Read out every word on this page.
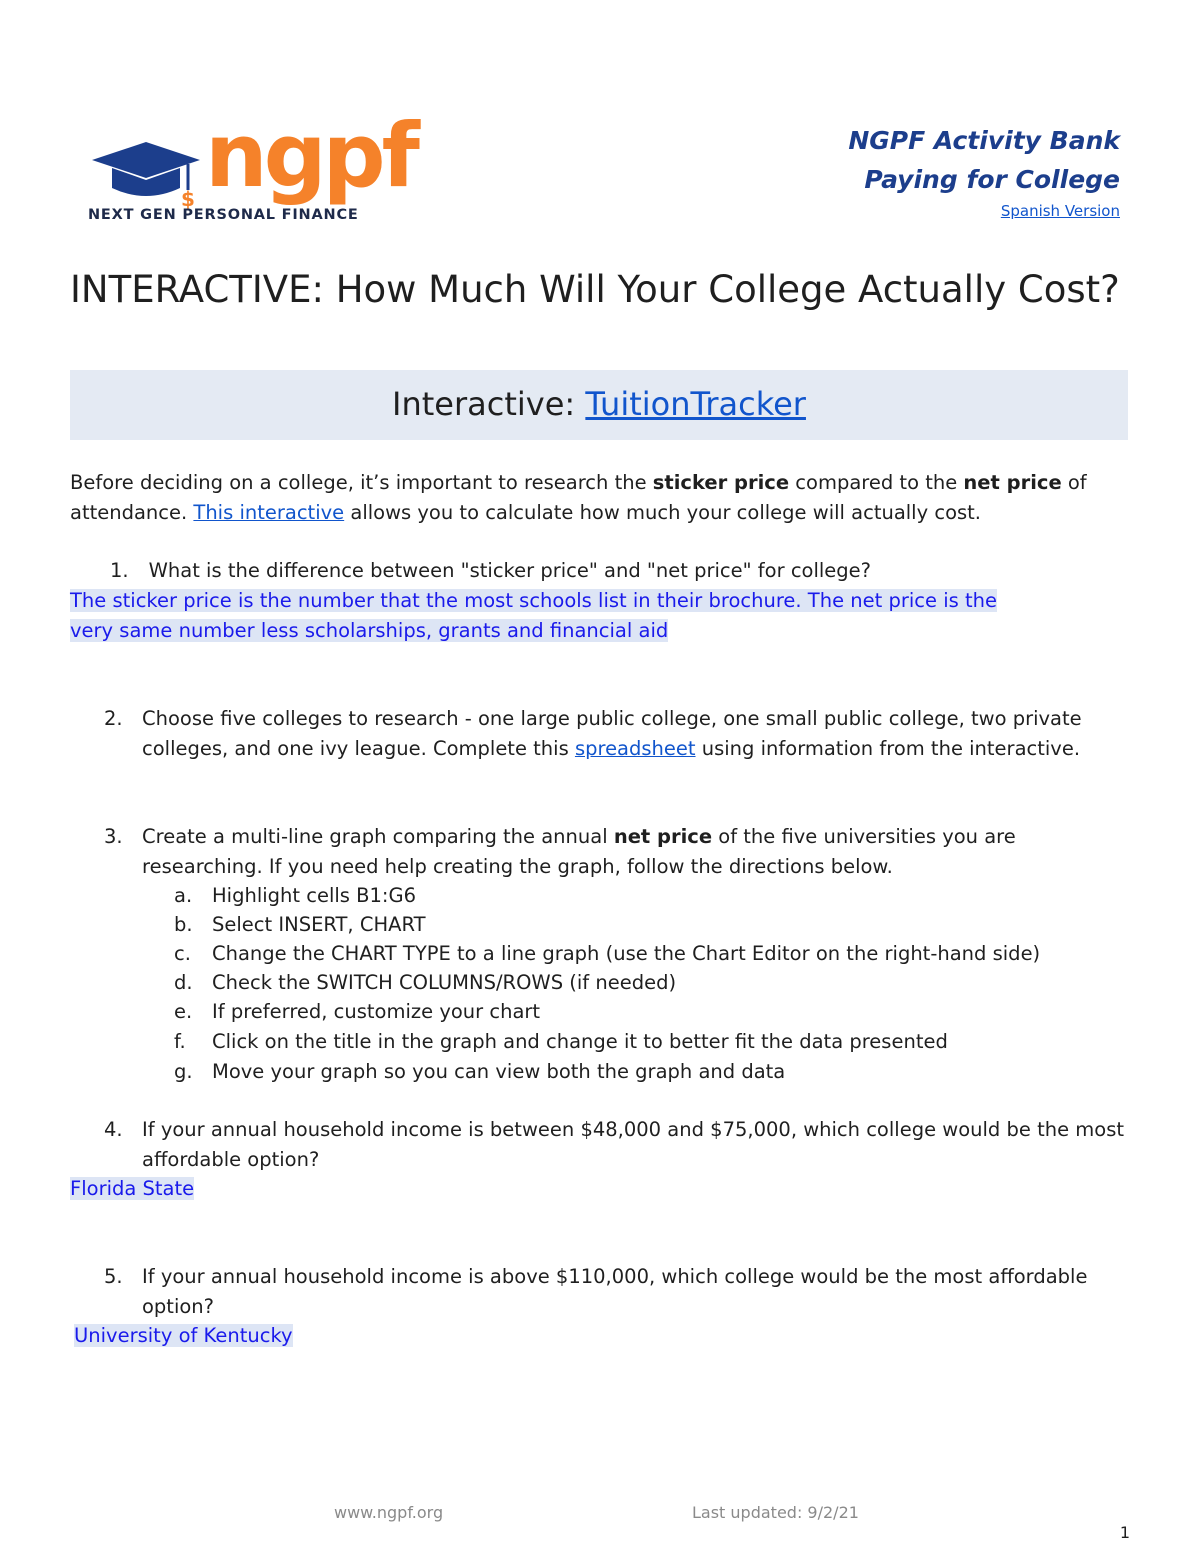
$ ngpf
NEXT GEN PERSONAL FINANCE
NGPF Activity Bank
Paying for College
Spanish Version
INTERACTIVE: How Much Will Your College Actually Cost?
Interactive: TuitionTracker
Before deciding on a college, it’s important to research the sticker price compared to the net price of attendance. This interactive allows you to calculate how much your college will actually cost.
1. What is the difference between "sticker price" and "net price" for college?
The sticker price is the number that the most schools list in their brochure. The net price is the
very same number less scholarships, grants and financial aid
2. Choose five colleges to research - one large public college, one small public college, two private colleges, and one ivy league. Complete this spreadsheet using information from the interactive.
3. Create a multi-line graph comparing the annual net price of the five universities you are researching. If you need help creating the graph, follow the directions below.
a. Highlight cells B1:G6
b. Select INSERT, CHART
c. Change the CHART TYPE to a line graph (use the Chart Editor on the right-hand side)
d. Check the SWITCH COLUMNS/ROWS (if needed)
e. If preferred, customize your chart
f. Click on the title in the graph and change it to better fit the data presented
g. Move your graph so you can view both the graph and data
4. If your annual household income is between $48,000 and $75,000, which college would be the most affordable option?
Florida State
5. If your annual household income is above $110,000, which college would be the most affordable option?
University of Kentucky
www.ngpf.org	Last updated: 9/2/21
1
